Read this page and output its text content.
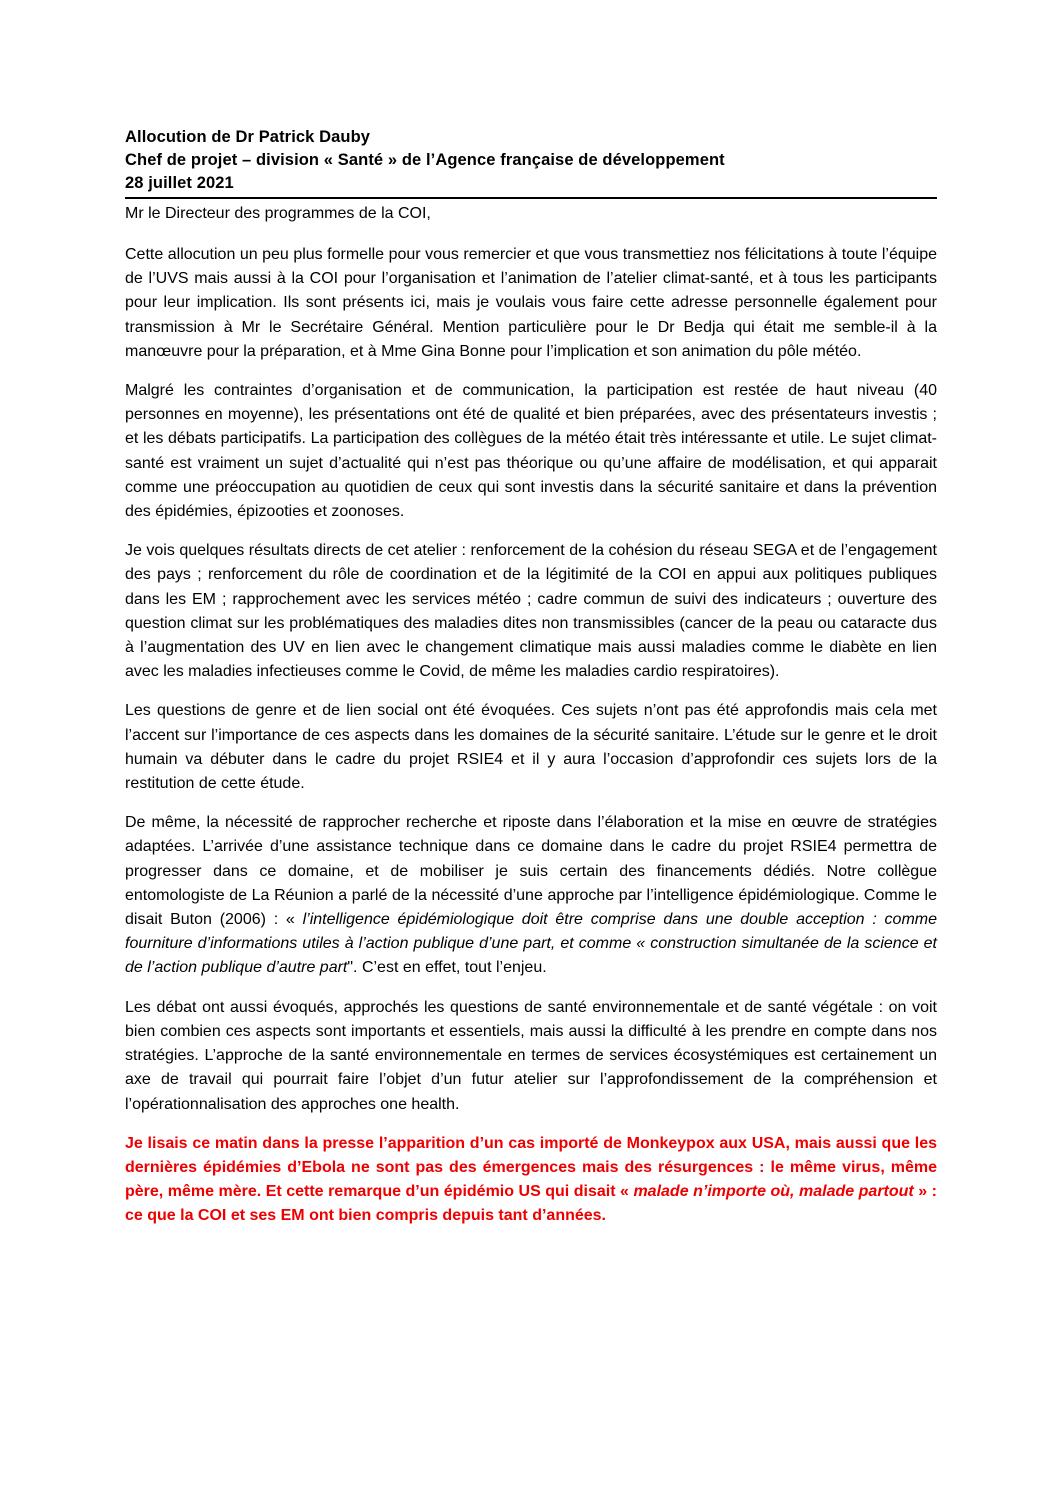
Allocution de Dr Patrick Dauby
Chef de projet – division « Santé » de l’Agence française de développement
28 juillet 2021

Mr le Directeur des programmes de la COI,

Cette allocution un peu plus formelle pour vous remercier et que vous transmettiez nos félicitations à toute l’équipe de l’UVS mais aussi à la COI pour l’organisation et l’animation de l’atelier climat-santé, et à tous les participants pour leur implication. Ils sont présents ici, mais je voulais vous faire cette adresse personnelle également pour transmission à Mr le Secrétaire Général. Mention particulière pour le Dr Bedja qui était me semble-il à la manœuvre pour la préparation, et à Mme Gina Bonne pour l’implication et son animation du pôle météo.

Malgré les contraintes d’organisation et de communication, la participation est restée de haut niveau (40 personnes en moyenne), les présentations ont été de qualité et bien préparées, avec des présentateurs investis ; et les débats participatifs. La participation des collègues de la météo était très intéressante et utile. Le sujet climat-santé est vraiment un sujet d’actualité qui n’est pas théorique ou qu’une affaire de modélisation, et qui apparait comme une préoccupation au quotidien de ceux qui sont investis dans la sécurité sanitaire et dans la prévention des épidémies, épizooties et zoonoses.

Je vois quelques résultats directs de cet atelier : renforcement de la cohésion du réseau SEGA et de l’engagement des pays ; renforcement du rôle de coordination et de la légitimité de la COI en appui aux politiques publiques dans les EM ; rapprochement avec les services météo ; cadre commun de suivi des indicateurs ; ouverture des question climat sur les problématiques des maladies dites non transmissibles (cancer de la peau ou cataracte dus à l’augmentation des UV en lien avec le changement climatique mais aussi maladies comme le diabète en lien avec les maladies infectieuses comme le Covid, de même les maladies cardio respiratoires).

Les questions de genre et de lien social ont été évoquées. Ces sujets n’ont pas été approfondis mais cela met l’accent sur l’importance de ces aspects dans les domaines de la sécurité sanitaire. L’étude sur le genre et le droit humain va débuter dans le cadre du projet RSIE4 et il y aura l’occasion d’approfondir ces sujets lors de la restitution de cette étude.

De même, la nécessité de rapprocher recherche et riposte dans l’élaboration et la mise en œuvre de stratégies adaptées. L’arrivée d’une assistance technique dans ce domaine dans le cadre du projet RSIE4 permettra de progresser dans ce domaine, et de mobiliser je suis certain des financements dédiés. Notre collègue entomologiste de La Réunion a parlé de la nécessité d’une approche par l’intelligence épidémiologique. Comme le disait Buton (2006) : « l’intelligence épidémiologique doit être comprise dans une double acception : comme fourniture d’informations utiles à l’action publique d’une part, et comme « construction simultanée de la science et de l’action publique d’autre part". C’est en effet, tout l’enjeu.

Les débat ont aussi évoqués, approchés les questions de santé environnementale et de santé végétale : on voit bien combien ces aspects sont importants et essentiels, mais aussi la difficulté à les prendre en compte dans nos stratégies. L’approche de la santé environnementale en termes de services écosystémiques est certainement un axe de travail qui pourrait faire l’objet d’un futur atelier sur l’approfondissement de la compréhension et l’opérationnalisation des approches one health.

Je lisais ce matin dans la presse l’apparition d’un cas importé de Monkeypox aux USA, mais aussi que les dernières épidémies d’Ebola ne sont pas des émergences mais des résurgences : le même virus, même père, même mère. Et cette remarque d’un épidémio US qui disait « malade n’importe où, malade partout » : ce que la COI et ses EM ont bien compris depuis tant d’années.
